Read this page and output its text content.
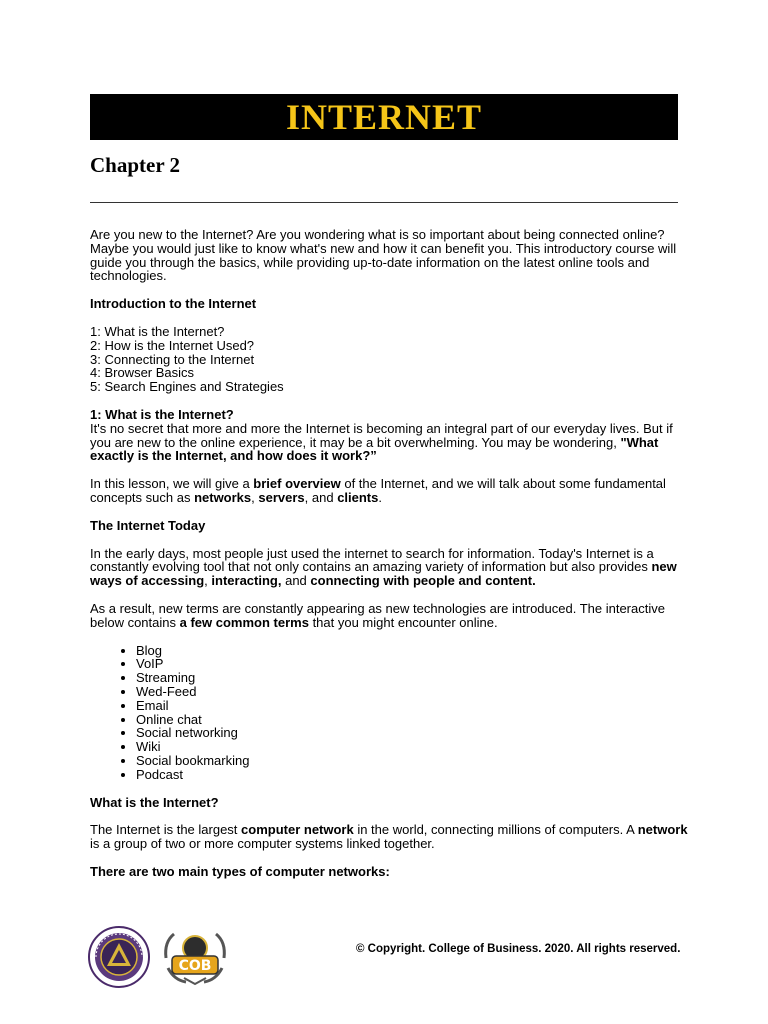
INTERNET
Chapter 2

Are you new to the Internet? Are you wondering what is so important about being connected online? Maybe you would just like to know what's new and how it can benefit you. This introductory course will guide you through the basics, while providing up-to-date information on the latest online tools and technologies.

Introduction to the Internet

1: What is the Internet?
2: How is the Internet Used?
3: Connecting to the Internet
4: Browser Basics
5: Search Engines and Strategies

1: What is the Internet?
It's no secret that more and more the Internet is becoming an integral part of our everyday lives. But if you are new to the online experience, it may be a bit overwhelming. You may be wondering, "What exactly is the Internet, and how does it work?”

In this lesson, we will give a brief overview of the Internet, and we will talk about some fundamental concepts such as networks, servers, and clients.

The Internet Today

In the early days, most people just used the internet to search for information. Today's Internet is a constantly evolving tool that not only contains an amazing variety of information but also provides new ways of accessing, interacting, and connecting with people and content.

As a result, new terms are constantly appearing as new technologies are introduced. The interactive below contains a few common terms that you might encounter online.

• Blog
• VoIP
• Streaming
• Wed-Feed
• Email
• Online chat
• Social networking
• Wiki
• Social bookmarking
• Podcast

What is the Internet?

The Internet is the largest computer network in the world, connecting millions of computers. A network is a group of two or more computer systems linked together.

There are two main types of computer networks:

COB
© Copyright. College of Business. 2020. All rights reserved.
